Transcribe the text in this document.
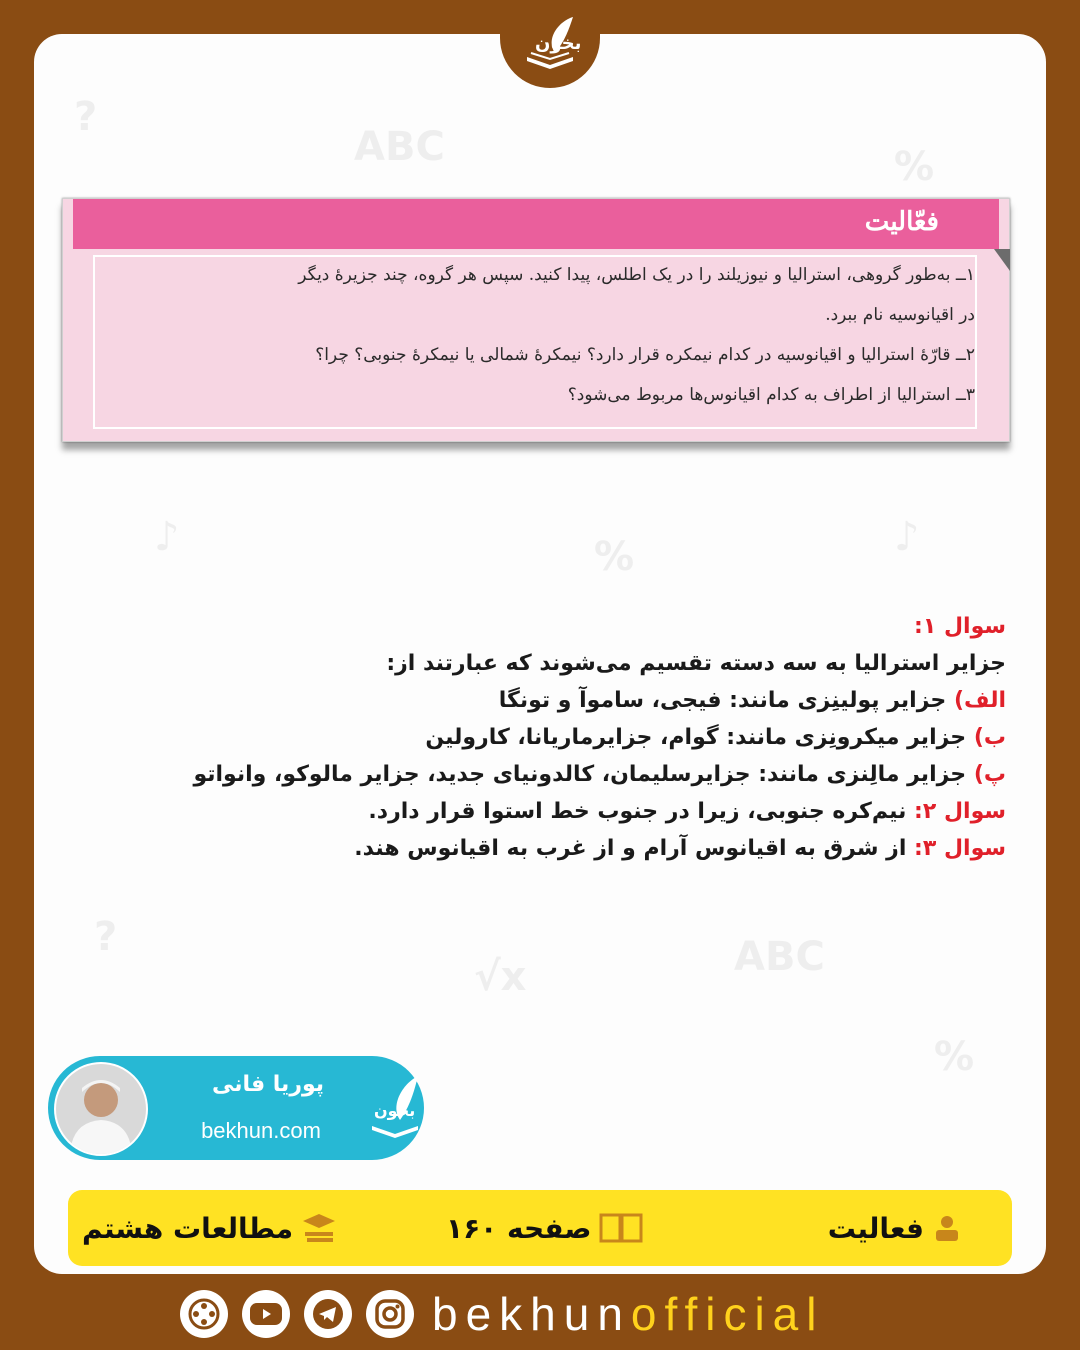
?
ABC	%
♪	%	♪
?
√x	ABC
%
بخون
فعّالیت
۱ــ به‌طور گروهی، استرالیا و نیوزیلند را در یک اطلس، پیدا کنید. سپس هر گروه، چند جزیرهٔ دیگر
در اقیانوسیه نام ببرد.
۲ــ قارّهٔ استرالیا و اقیانوسیه در کدام نیمکره قرار دارد؟ نیمکرهٔ شمالی یا نیمکرهٔ جنوبی؟ چرا؟
۳ــ استرالیا از اطراف به کدام اقیانوس‌ها مربوط می‌شود؟
سوال ۱:
جزایر استرالیا به سه دسته تقسیم می‌شوند که عبارتند از:
الف) جزایر پولینِزی مانند: فیجی، ساموآ و تونگا
ب) جزایر میکرونِزی مانند: گوام، جزایرماریانا، کارولین
پ) جزایر مالِنزی مانند: جزایرسلیمان، کالدونیای جدید، جزایر مالوکو، وانواتو
سوال ۲: نیم‌کره جنوبی، زیرا در جنوب خط استوا قرار دارد.
سوال ۳: از شرق به اقیانوس آرام و از غرب به اقیانوس هند.
پوریا فانی
bekhun.com
بخون
فعالیت
صفحه ۱۶۰
مطالعات هشتم
bekhunofficial
